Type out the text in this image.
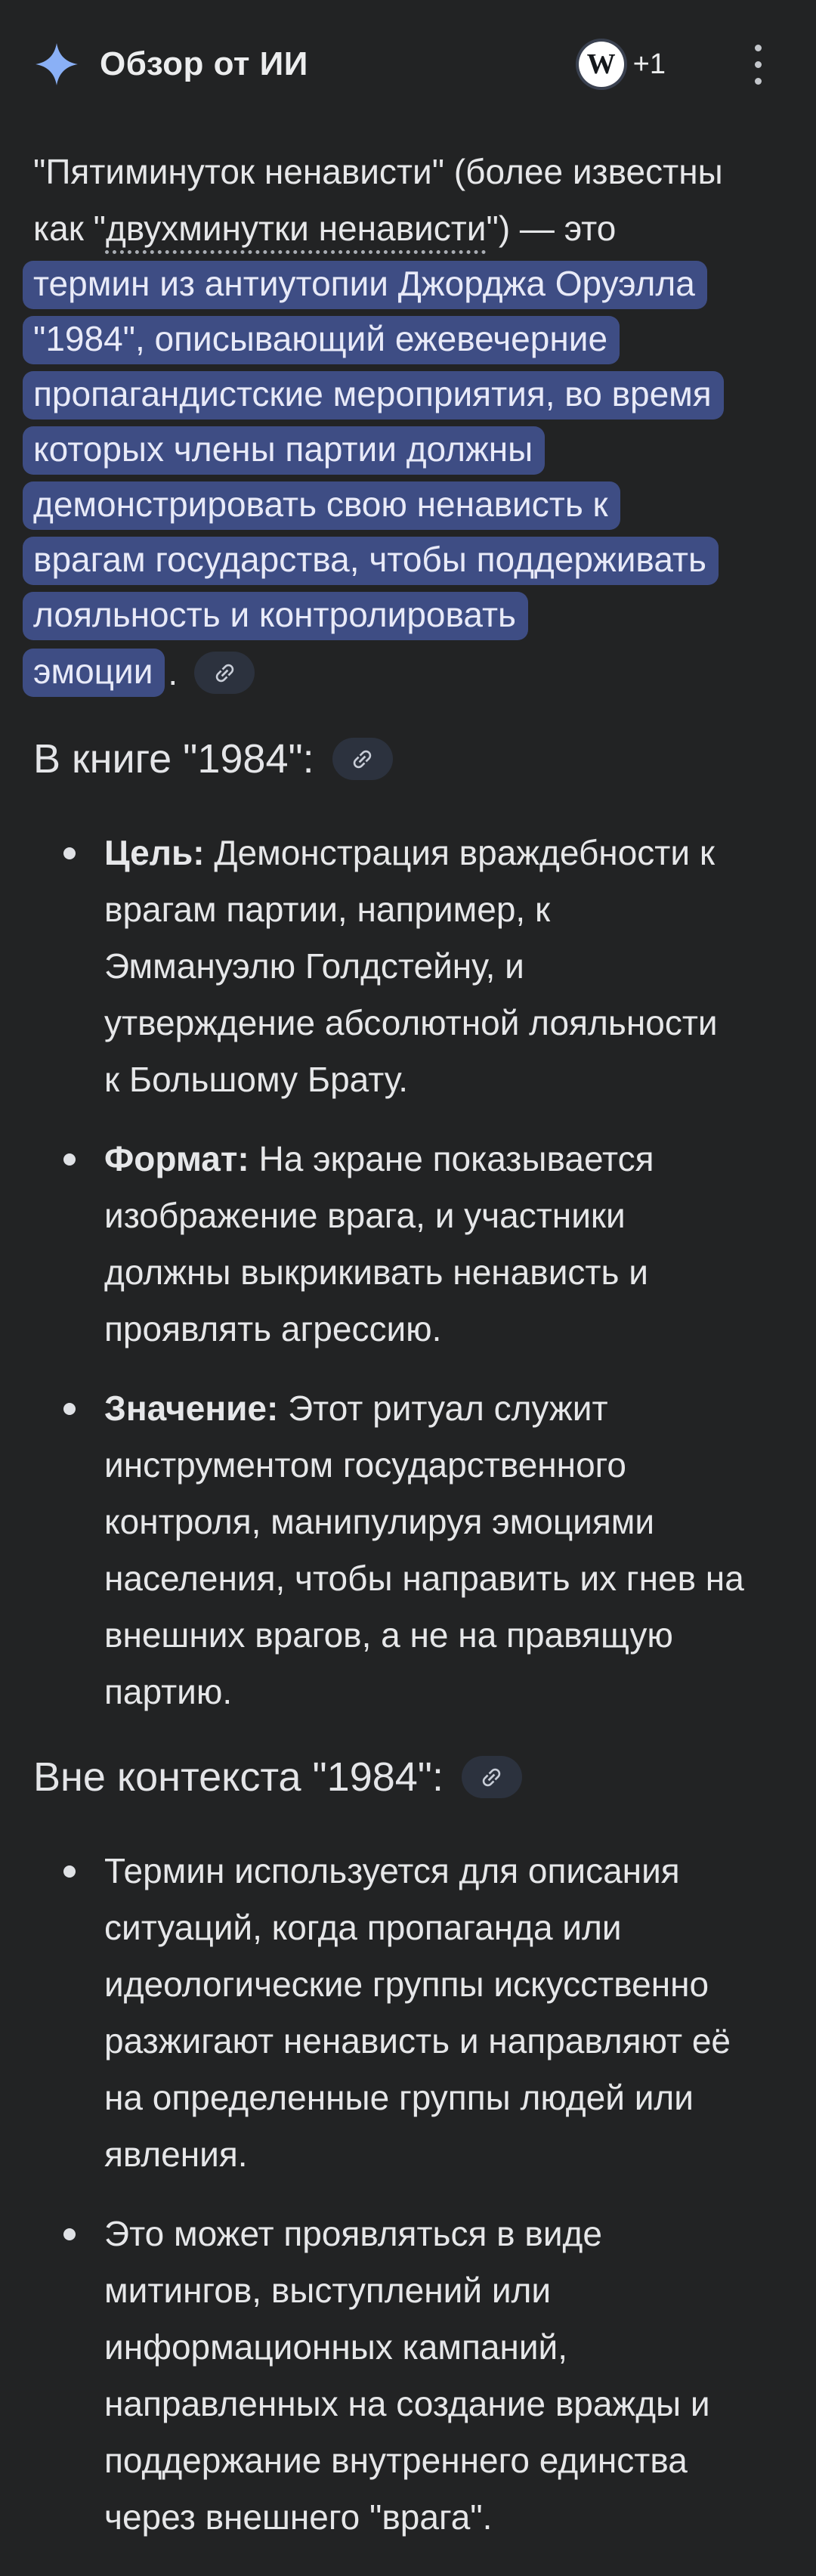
Обзор от ИИ	W +1
"Пятиминуток ненависти" (более известны
как "двухминутки ненависти") — это
термин из антиутопии Джорджа Оруэлла
"1984", описывающий ежевечерние
пропагандистские мероприятия, во время
которых члены партии должны
демонстрировать свою ненависть к
врагам государства, чтобы поддерживать
лояльность и контролировать
эмоции .
В книге "1984":
Цель: Демонстрация враждебности к
врагам партии, например, к
Эммануэлю Голдстейну, и
утверждение абсолютной лояльности
к Большому Брату.
Формат: На экране показывается
изображение врага, и участники
должны выкрикивать ненависть и
проявлять агрессию.
Значение: Этот ритуал служит
инструментом государственного
контроля, манипулируя эмоциями
населения, чтобы направить их гнев на
внешних врагов, а не на правящую
партию.
Вне контекста "1984":
Термин используется для описания
ситуаций, когда пропаганда или
идеологические группы искусственно
разжигают ненависть и направляют её
на определенные группы людей или
явления.
Это может проявляться в виде
митингов, выступлений или
информационных кампаний,
направленных на создание вражды и
поддержание внутреннего единства
через внешнего "врага".
